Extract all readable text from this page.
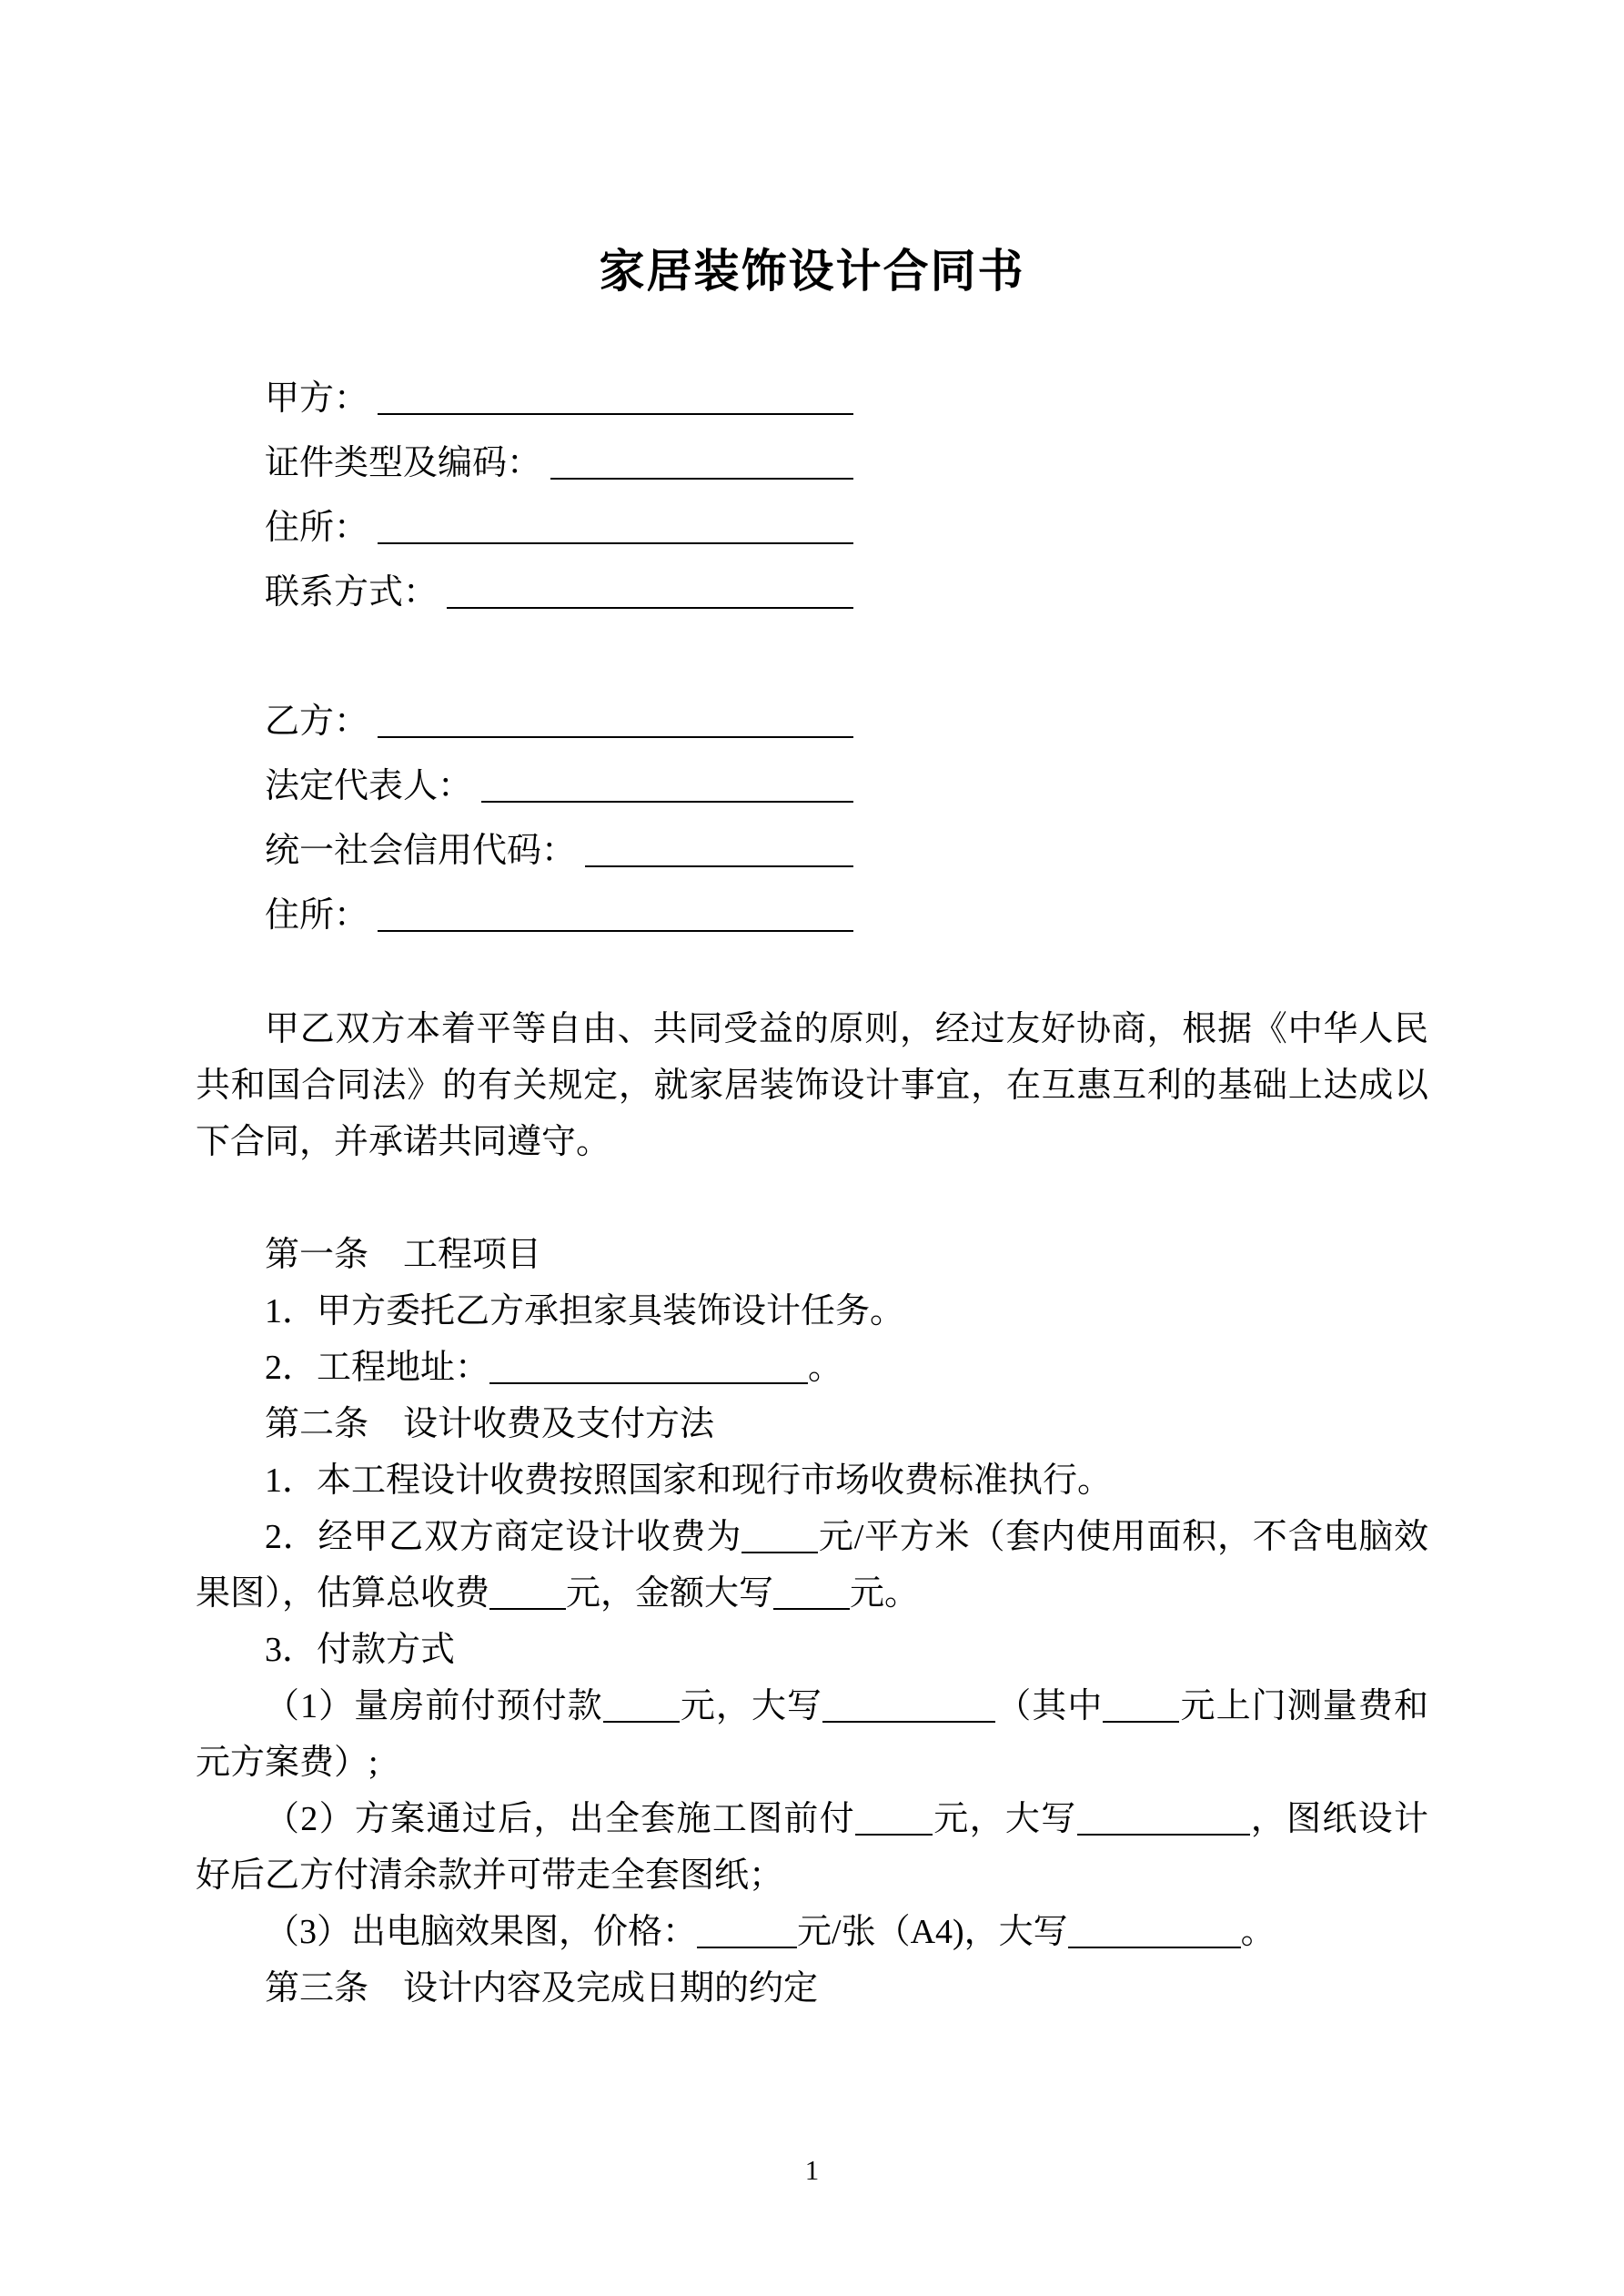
家居装饰设计合同书

甲方：

证件类型及编码：

住所：

联系方式：

乙方：

法定代表人：

统一社会信用代码：

住所：

甲乙双方本着平等自由、共同受益的原则，经过友好协商，根据《中华人民共和国合同法》的有关规定，就家居装饰设计事宜，在互惠互利的基础上达成以下合同，并承诺共同遵守。

第一条　工程项目

1．甲方委托乙方承担家具装饰设计任务。

2．工程地址：	。

第二条　设计收费及支付方法

1．本工程设计收费按照国家和现行市场收费标准执行。

2．经甲乙双方商定设计收费为 元/平方米（套内使用面积，不含电脑效果图），估算总收费 元，金额大写 元。

3．付款方式

（1）量房前付预付款 元，大写	（其中 元上门测量费和元方案费）;

（2）方案通过后，出全套施工图前付 元，大写	，图纸设计好后乙方付清余款并可带走全套图纸；

（3）出电脑效果图，价格：	元/张（A4)，大写	。

第三条　设计内容及完成日期的约定

1
